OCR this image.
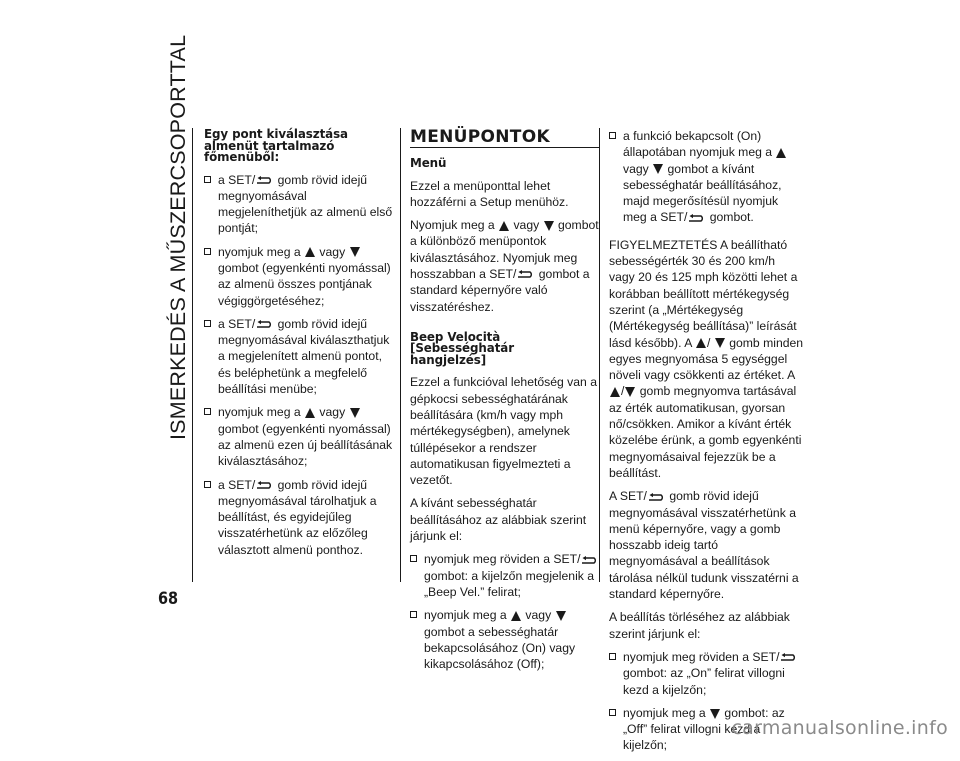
ISMERKEDÉS A MŰSZERCSOPORTTAL
68
Egy pont kiválasztása almenüt tartalmazó főmenüből:
a SET/ gomb rövid idejű megnyomásával megjeleníthetjük az almenü első pontját;
nyomjuk meg a  vagy  gombot (egyenkénti nyomással) az almenü összes pontjának végiggörgetéséhez;
a SET/ gomb rövid idejű megnyomásával kiválaszthatjuk a megjelenített almenü pontot, és beléphetünk a megfelelő beállítási menübe;
nyomjuk meg a  vagy  gombot (egyenkénti nyomással) az almenü ezen új beállításának kiválasztásához;
a SET/ gomb rövid idejű megnyomásával tárolhatjuk a beállítást, és egyidejűleg visszatérhetünk az előzőleg választott almenü ponthoz.
MENÜPONTOK
Menü

Ezzel a menüponttal lehet hozzáférni a Setup menühöz.

Nyomjuk meg a  vagy  gombot a különböző menüpontok kiválasztásához. Nyomjuk meg hosszabban a SET/ gombot a standard képernyőre való visszatéréshez.

Beep Velocità [Sebességhatár hangjelzés]

Ezzel a funkcióval lehetőség van a gépkocsi sebességhatárának beállítására (km/h vagy mph mértékegységben), amelynek túllépésekor a rendszer automatikusan figyelmezteti a vezetőt.

A kívánt sebességhatár beállításához az alábbiak szerint járjunk el:

nyomjuk meg röviden a SET/ gombot: a kijelzőn megjelenik a „Beep Vel.” felirat;
nyomjuk meg a  vagy  gombot a sebességhatár bekapcsolásához (On) vagy kikapcsolásához (Off);
a funkció bekapcsolt (On) állapotában nyomjuk meg a  vagy  gombot a kívánt sebességhatár beállításához, majd megerősítésül nyomjuk meg a SET/ gombot.

FIGYELMEZTETÉS A beállítható sebességérték 30 és 200 km/h vagy 20 és 125 mph közötti lehet a korábban beállított mértékegység szerint (a „Mértékegység (Mértékegység beállítása)” leírását lásd később). A /  gomb minden egyes megnyomása 5 egységgel növeli vagy csökkenti az értéket. A / gomb megnyomva tartásával az érték automatikusan, gyorsan nő/csökken. Amikor a kívánt érték közelébe érünk, a gomb egyenkénti megnyomásaival fejezzük be a beállítást.

A SET/ gomb rövid idejű megnyomásával visszatérhetünk a menü képernyőre, vagy a gomb hosszabb ideig tartó megnyomásával a beállítások tárolása nélkül tudunk visszatérni a standard képernyőre.

A beállítás törléséhez az alábbiak szerint járjunk el:

nyomjuk meg röviden a SET/ gombot: az „On” felirat villogni kezd a kijelzőn;
nyomjuk meg a  gombot: az „Off” felirat villogni kezd a kijelzőn;
carmanualsonline.info
